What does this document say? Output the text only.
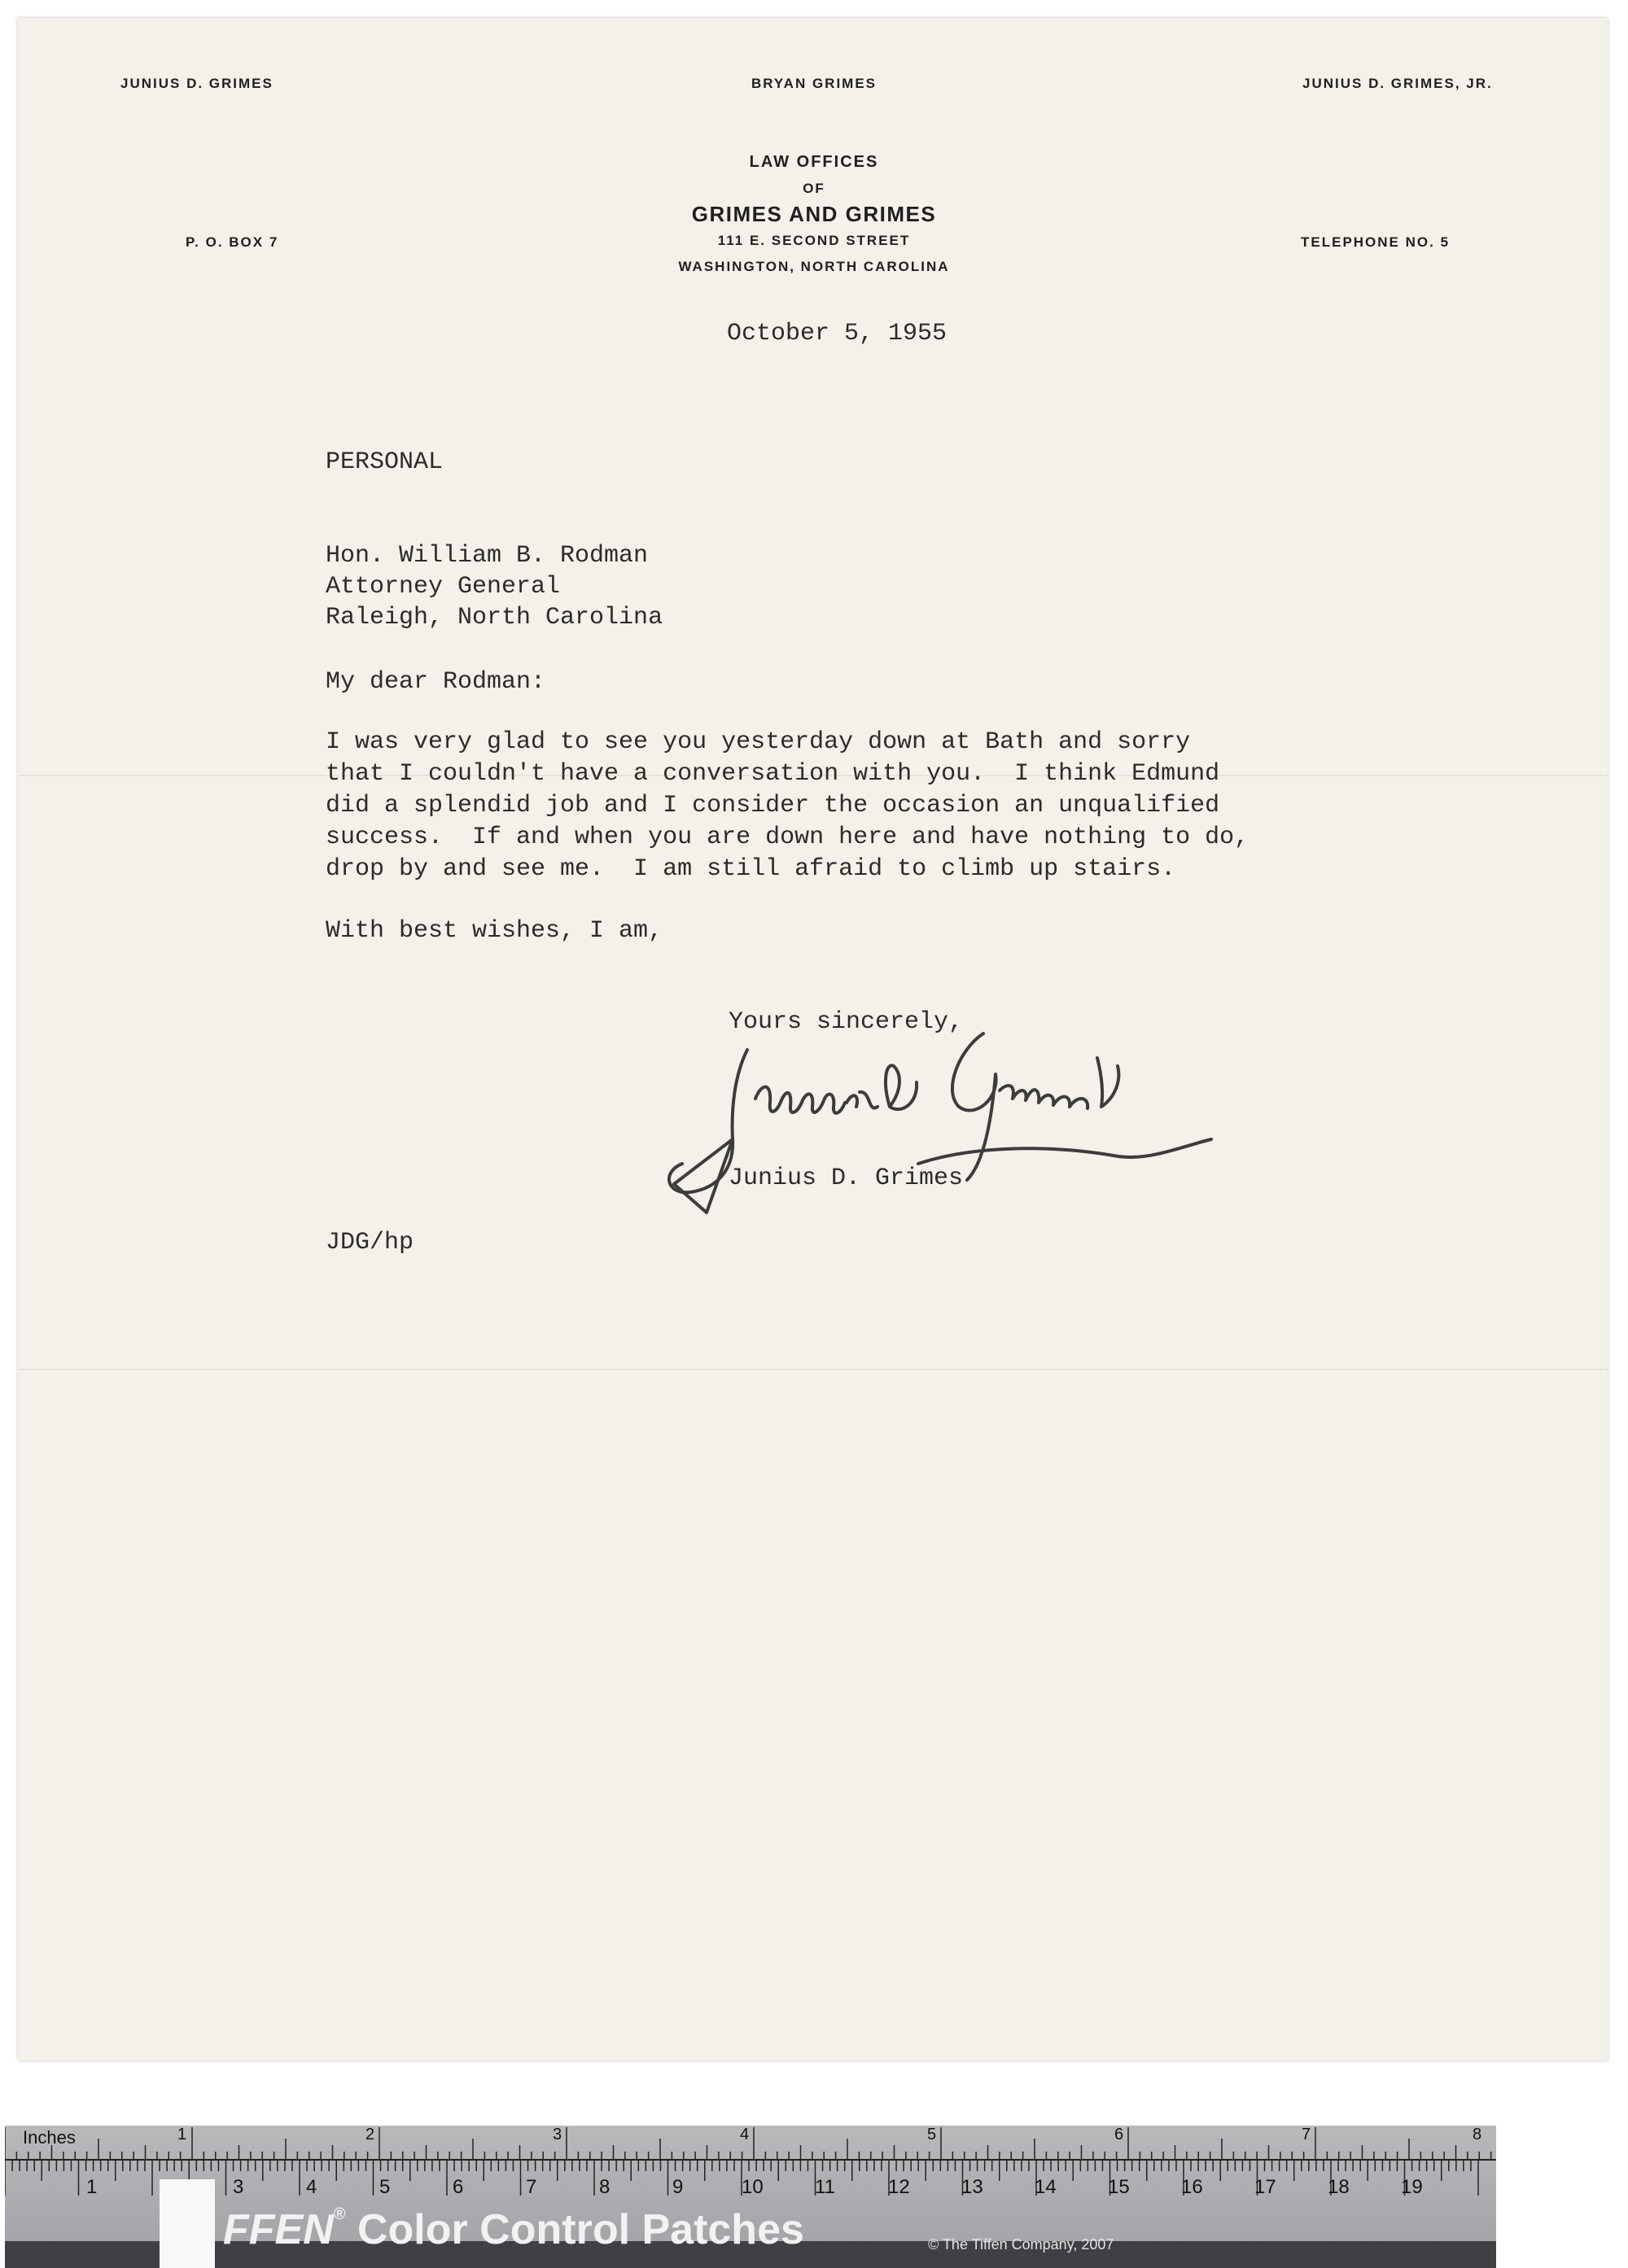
JUNIUS D. GRIMES	BRYAN GRIMES	JUNIUS D. GRIMES, JR.
LAW OFFICES
OF
GRIMES AND GRIMES
111 E. SECOND STREET
WASHINGTON, NORTH CAROLINA
P. O. BOX 7	TELEPHONE NO. 5
October 5, 1955
PERSONAL
Hon. William B. Rodman
Attorney General
Raleigh, North Carolina
My dear Rodman:
I was very glad to see you yesterday down at Bath and sorry
that I couldn't have a conversation with you.  I think Edmund
did a splendid job and I consider the occasion an unqualified
success.  If and when you are down here and have nothing to do,
drop by and see me.  I am still afraid to climb up stairs.
With best wishes, I am,
Yours sincerely,
Junius D. Grimes
JDG/hp
Inches	1	2	3	4	5	6	7	8
1	3	4	5	6	7	8	9	10	11	12	13	14	15	16	17	18	19
FFEN® Color Control Patches	© The Tiffen Company, 2007
